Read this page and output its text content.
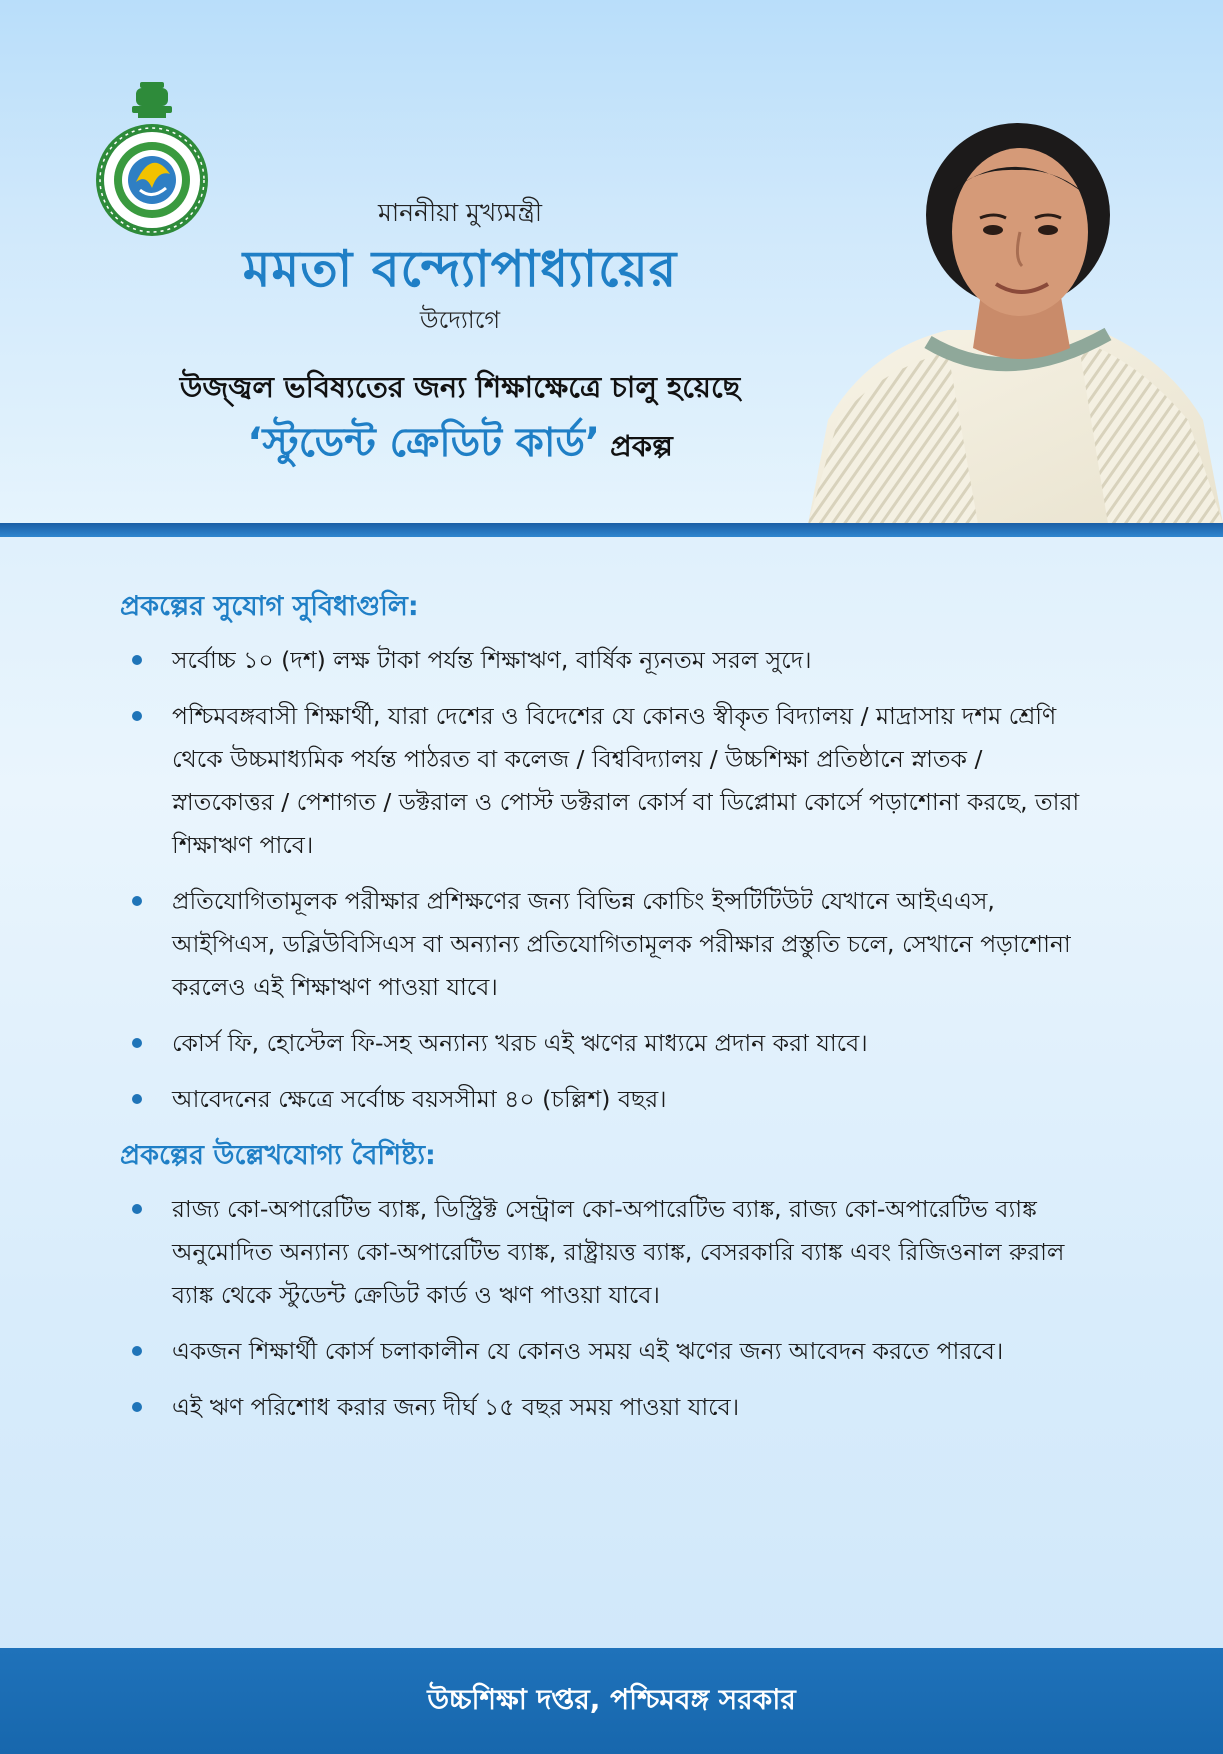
মাননীয়া মুখ্যমন্ত্রী

মমতা বন্দ্যোপাধ্যায়ের

উদ্যোগে

উজ্জ্বল ভবিষ্যতের জন্য শিক্ষাক্ষেত্রে চালু হয়েছে

‘স্টুডেন্ট ক্রেডিট কার্ড’ প্রকল্প

প্রকল্পের সুযোগ সুবিধাগুলি:

সর্বোচ্চ ১০ (দশ) লক্ষ টাকা পর্যন্ত শিক্ষাঋণ, বার্ষিক ন্যূনতম সরল সুদে।
পশ্চিমবঙ্গবাসী শিক্ষার্থী, যারা দেশের ও বিদেশের যে কোনও স্বীকৃত বিদ্যালয় / মাদ্রাসায় দশম শ্রেণি থেকে উচ্চমাধ্যমিক পর্যন্ত পাঠরত বা কলেজ / বিশ্ববিদ্যালয় / উচ্চশিক্ষা প্রতিষ্ঠানে স্নাতক / স্নাতকোত্তর / পেশাগত / ডক্টরাল ও পোস্ট ডক্টরাল কোর্স বা ডিপ্লোমা কোর্সে পড়াশোনা করছে, তারা শিক্ষাঋণ পাবে।
প্রতিযোগিতামূলক পরীক্ষার প্রশিক্ষণের জন্য বিভিন্ন কোচিং ইন্সটিটিউট যেখানে আইএএস, আইপিএস, ডব্লিউবিসিএস বা অন্যান্য প্রতিযোগিতামূলক পরীক্ষার প্রস্তুতি চলে, সেখানে পড়াশোনা করলেও এই শিক্ষাঋণ পাওয়া যাবে।
কোর্স ফি, হোস্টেল ফি-সহ অন্যান্য খরচ এই ঋণের মাধ্যমে প্রদান করা যাবে।
আবেদনের ক্ষেত্রে সর্বোচ্চ বয়সসীমা ৪০ (চল্লিশ) বছর।

প্রকল্পের উল্লেখযোগ্য বৈশিষ্ট্য:

রাজ্য কো-অপারেটিভ ব্যাঙ্ক, ডিস্ট্রিক্ট সেন্ট্রাল কো-অপারেটিভ ব্যাঙ্ক, রাজ্য কো-অপারেটিভ ব্যাঙ্ক অনুমোদিত অন্যান্য কো-অপারেটিভ ব্যাঙ্ক, রাষ্ট্রায়ত্ত ব্যাঙ্ক, বেসরকারি ব্যাঙ্ক এবং রিজিওনাল রুরাল ব্যাঙ্ক থেকে স্টুডেন্ট ক্রেডিট কার্ড ও ঋণ পাওয়া যাবে।
একজন শিক্ষার্থী কোর্স চলাকালীন যে কোনও সময় এই ঋণের জন্য আবেদন করতে পারবে।
এই ঋণ পরিশোধ করার জন্য দীর্ঘ ১৫ বছর সময় পাওয়া যাবে।
উচ্চশিক্ষা দপ্তর, পশ্চিমবঙ্গ সরকার
